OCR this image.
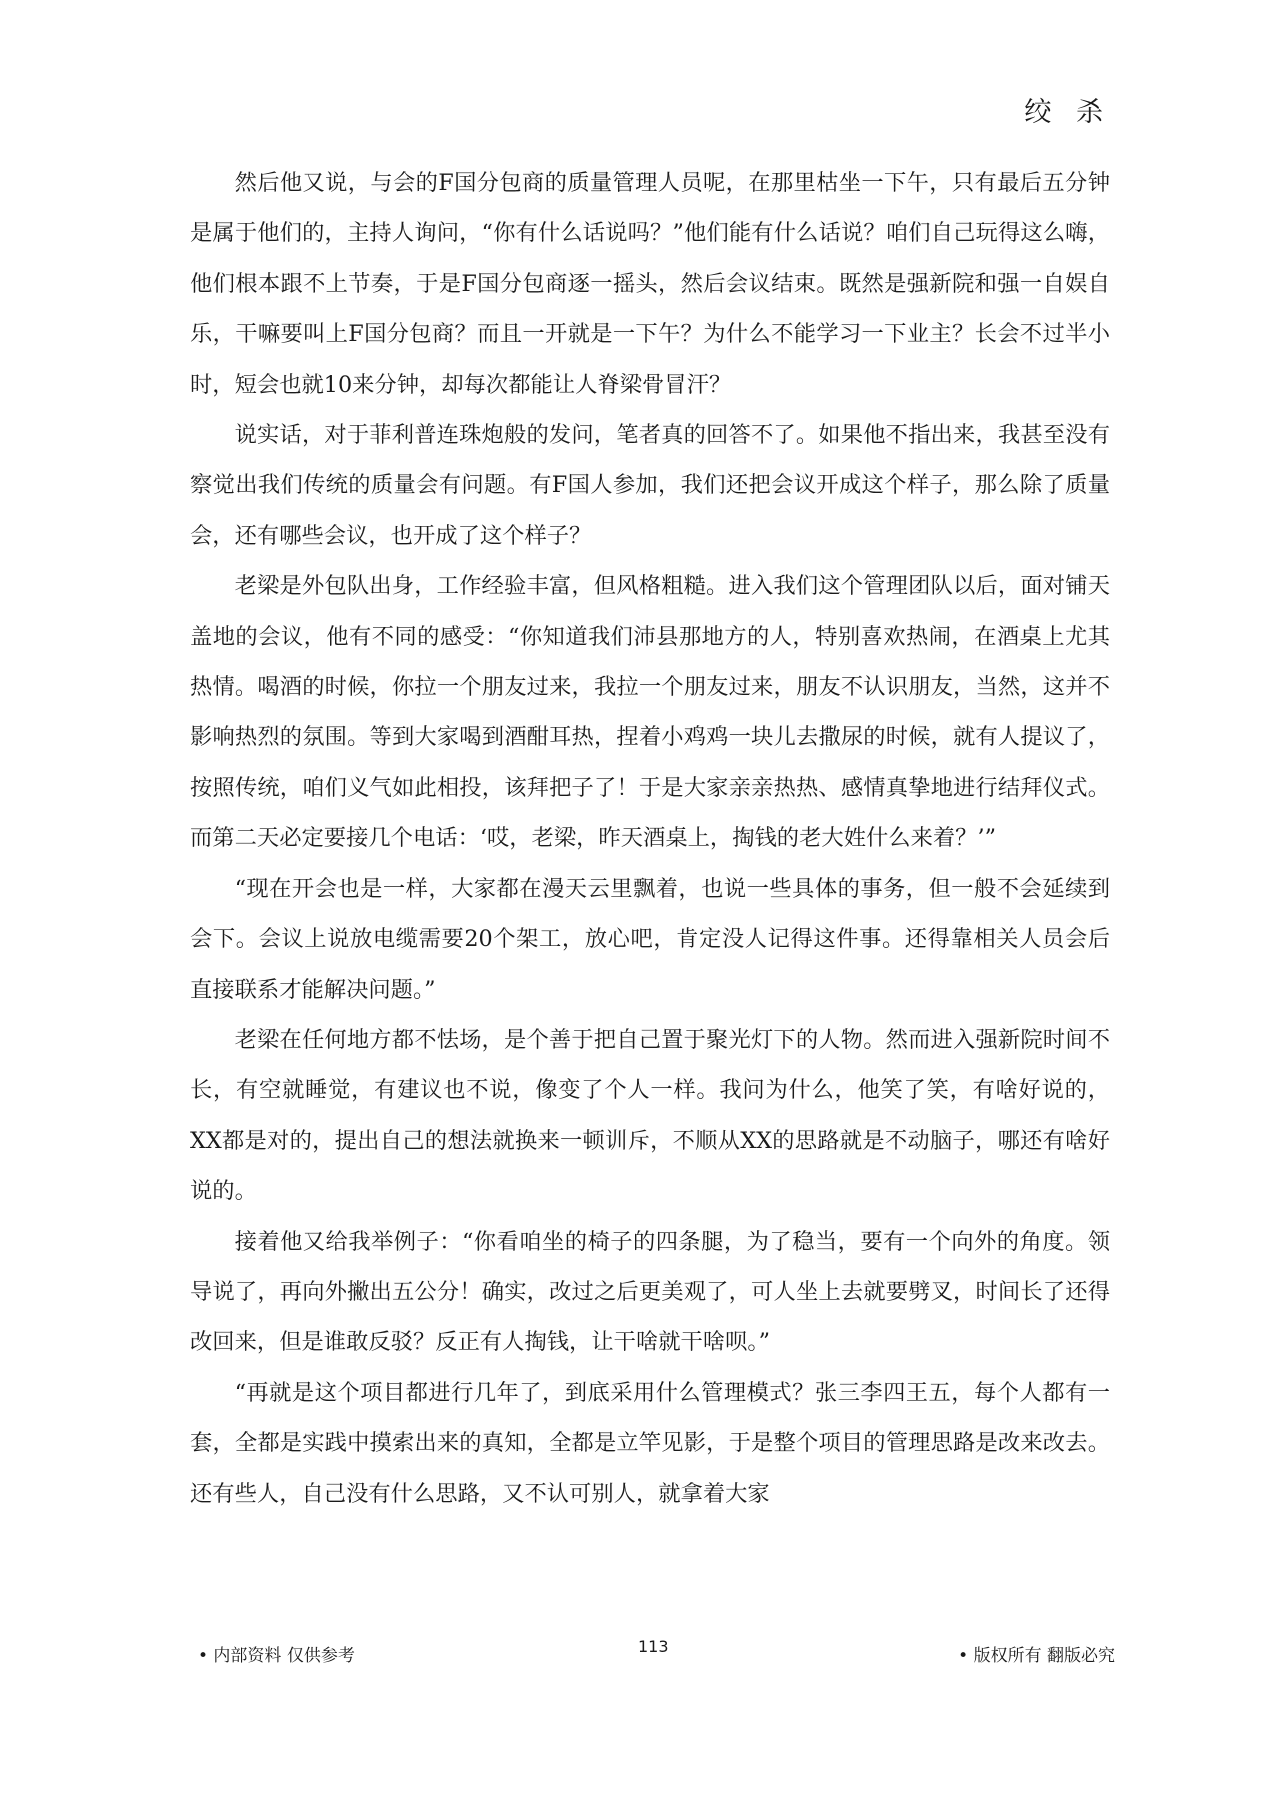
绞 杀

然后他又说，与会的F国分包商的质量管理人员呢，在那里枯坐一下午，只有最后五分钟是属于他们的，主持人询问，“你有什么话说吗？”他们能有什么话说？咱们自己玩得这么嗨，他们根本跟不上节奏，于是F国分包商逐一摇头，然后会议结束。既然是强新院和强一自娱自乐，干嘛要叫上F国分包商？而且一开就是一下午？为什么不能学习一下业主？长会不过半小时，短会也就10来分钟，却每次都能让人脊梁骨冒汗？

说实话，对于菲利普连珠炮般的发问，笔者真的回答不了。如果他不指出来，我甚至没有察觉出我们传统的质量会有问题。有F国人参加，我们还把会议开成这个样子，那么除了质量会，还有哪些会议，也开成了这个样子？

老梁是外包队出身，工作经验丰富，但风格粗糙。进入我们这个管理团队以后，面对铺天盖地的会议，他有不同的感受：“你知道我们沛县那地方的人，特别喜欢热闹，在酒桌上尤其热情。喝酒的时候，你拉一个朋友过来，我拉一个朋友过来，朋友不认识朋友，当然，这并不影响热烈的氛围。等到大家喝到酒酣耳热，捏着小鸡鸡一块儿去撒尿的时候，就有人提议了，按照传统，咱们义气如此相投，该拜把子了！于是大家亲亲热热、感情真挚地进行结拜仪式。而第二天必定要接几个电话：‘哎，老梁，昨天酒桌上，掏钱的老大姓什么来着？’”

“现在开会也是一样，大家都在漫天云里飘着，也说一些具体的事务，但一般不会延续到会下。会议上说放电缆需要20个架工，放心吧，肯定没人记得这件事。还得靠相关人员会后直接联系才能解决问题。”

老梁在任何地方都不怯场，是个善于把自己置于聚光灯下的人物。然而进入强新院时间不长，有空就睡觉，有建议也不说，像变了个人一样。我问为什么，他笑了笑，有啥好说的，XX都是对的，提出自己的想法就换来一顿训斥，不顺从XX的思路就是不动脑子，哪还有啥好说的。

接着他又给我举例子：“你看咱坐的椅子的四条腿，为了稳当，要有一个向外的角度。领导说了，再向外撇出五公分！确实，改过之后更美观了，可人坐上去就要劈叉，时间长了还得改回来，但是谁敢反驳？反正有人掏钱，让干啥就干啥呗。”

“再就是这个项目都进行几年了，到底采用什么管理模式？张三李四王五，每个人都有一套，全都是实践中摸索出来的真知，全都是立竿见影，于是整个项目的管理思路是改来改去。还有些人，自己没有什么思路，又不认可别人，就拿着大家

• 内部资料 仅供参考	113	• 版权所有 翻版必究
